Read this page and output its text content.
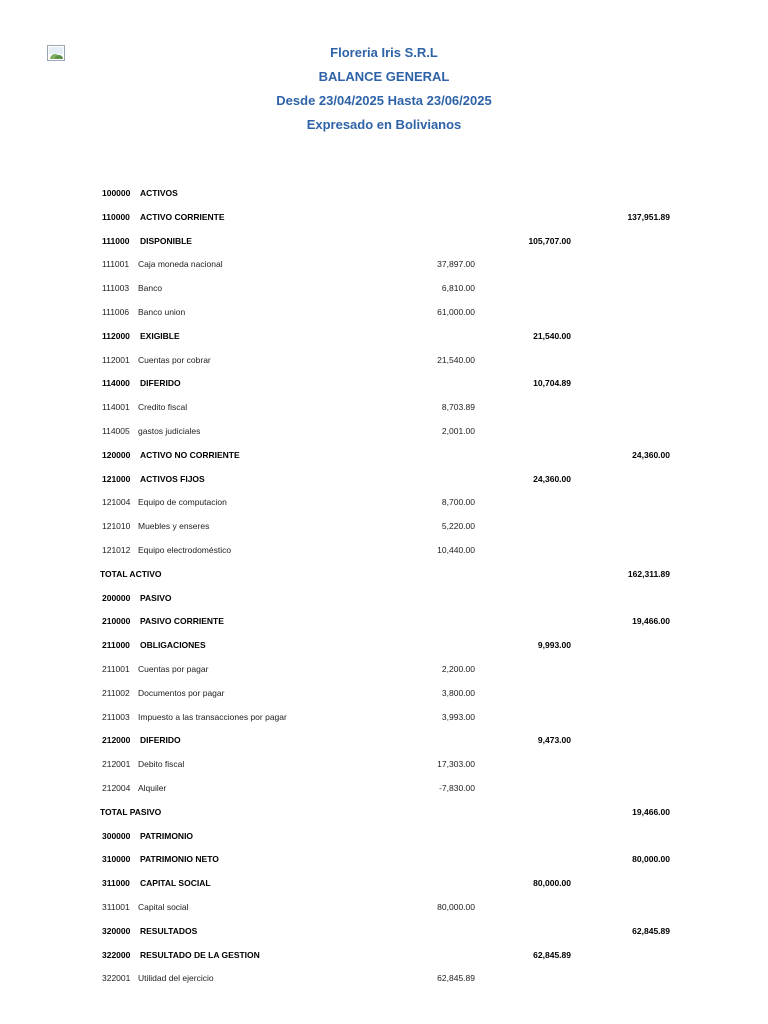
Floreria Iris S.R.L
BALANCE GENERAL
Desde 23/04/2025 Hasta 23/06/2025
Expresado en Bolivianos
100000 ACTIVOS
110000 ACTIVO CORRIENTE	137,951.89
111000 DISPONIBLE	105,707.00
111001 Caja moneda nacional	37,897.00
111003 Banco	6,810.00
111006 Banco union	61,000.00
112000 EXIGIBLE	21,540.00
112001 Cuentas por cobrar	21,540.00
114000 DIFERIDO	10,704.89
114001 Credito fiscal	8,703.89
114005 gastos judiciales	2,001.00
120000 ACTIVO NO CORRIENTE	24,360.00
121000 ACTIVOS FIJOS	24,360.00
121004 Equipo de computacion	8,700.00
121010 Muebles y enseres	5,220.00
121012 Equipo electrodoméstico	10,440.00
TOTAL ACTIVO	162,311.89
200000 PASIVO
210000 PASIVO CORRIENTE	19,466.00
211000 OBLIGACIONES	9,993.00
211001 Cuentas por pagar	2,200.00
211002 Documentos por pagar	3,800.00
211003 Impuesto a las transacciones por pagar	3,993.00
212000 DIFERIDO	9,473.00
212001 Debito fiscal	17,303.00
212004 Alquiler	-7,830.00
TOTAL PASIVO	19,466.00
300000 PATRIMONIO
310000 PATRIMONIO NETO	80,000.00
311000 CAPITAL SOCIAL	80,000.00
311001 Capital social	80,000.00
320000 RESULTADOS	62,845.89
322000 RESULTADO DE LA GESTION	62,845.89
322001 Utilidad del ejercicio	62,845.89
